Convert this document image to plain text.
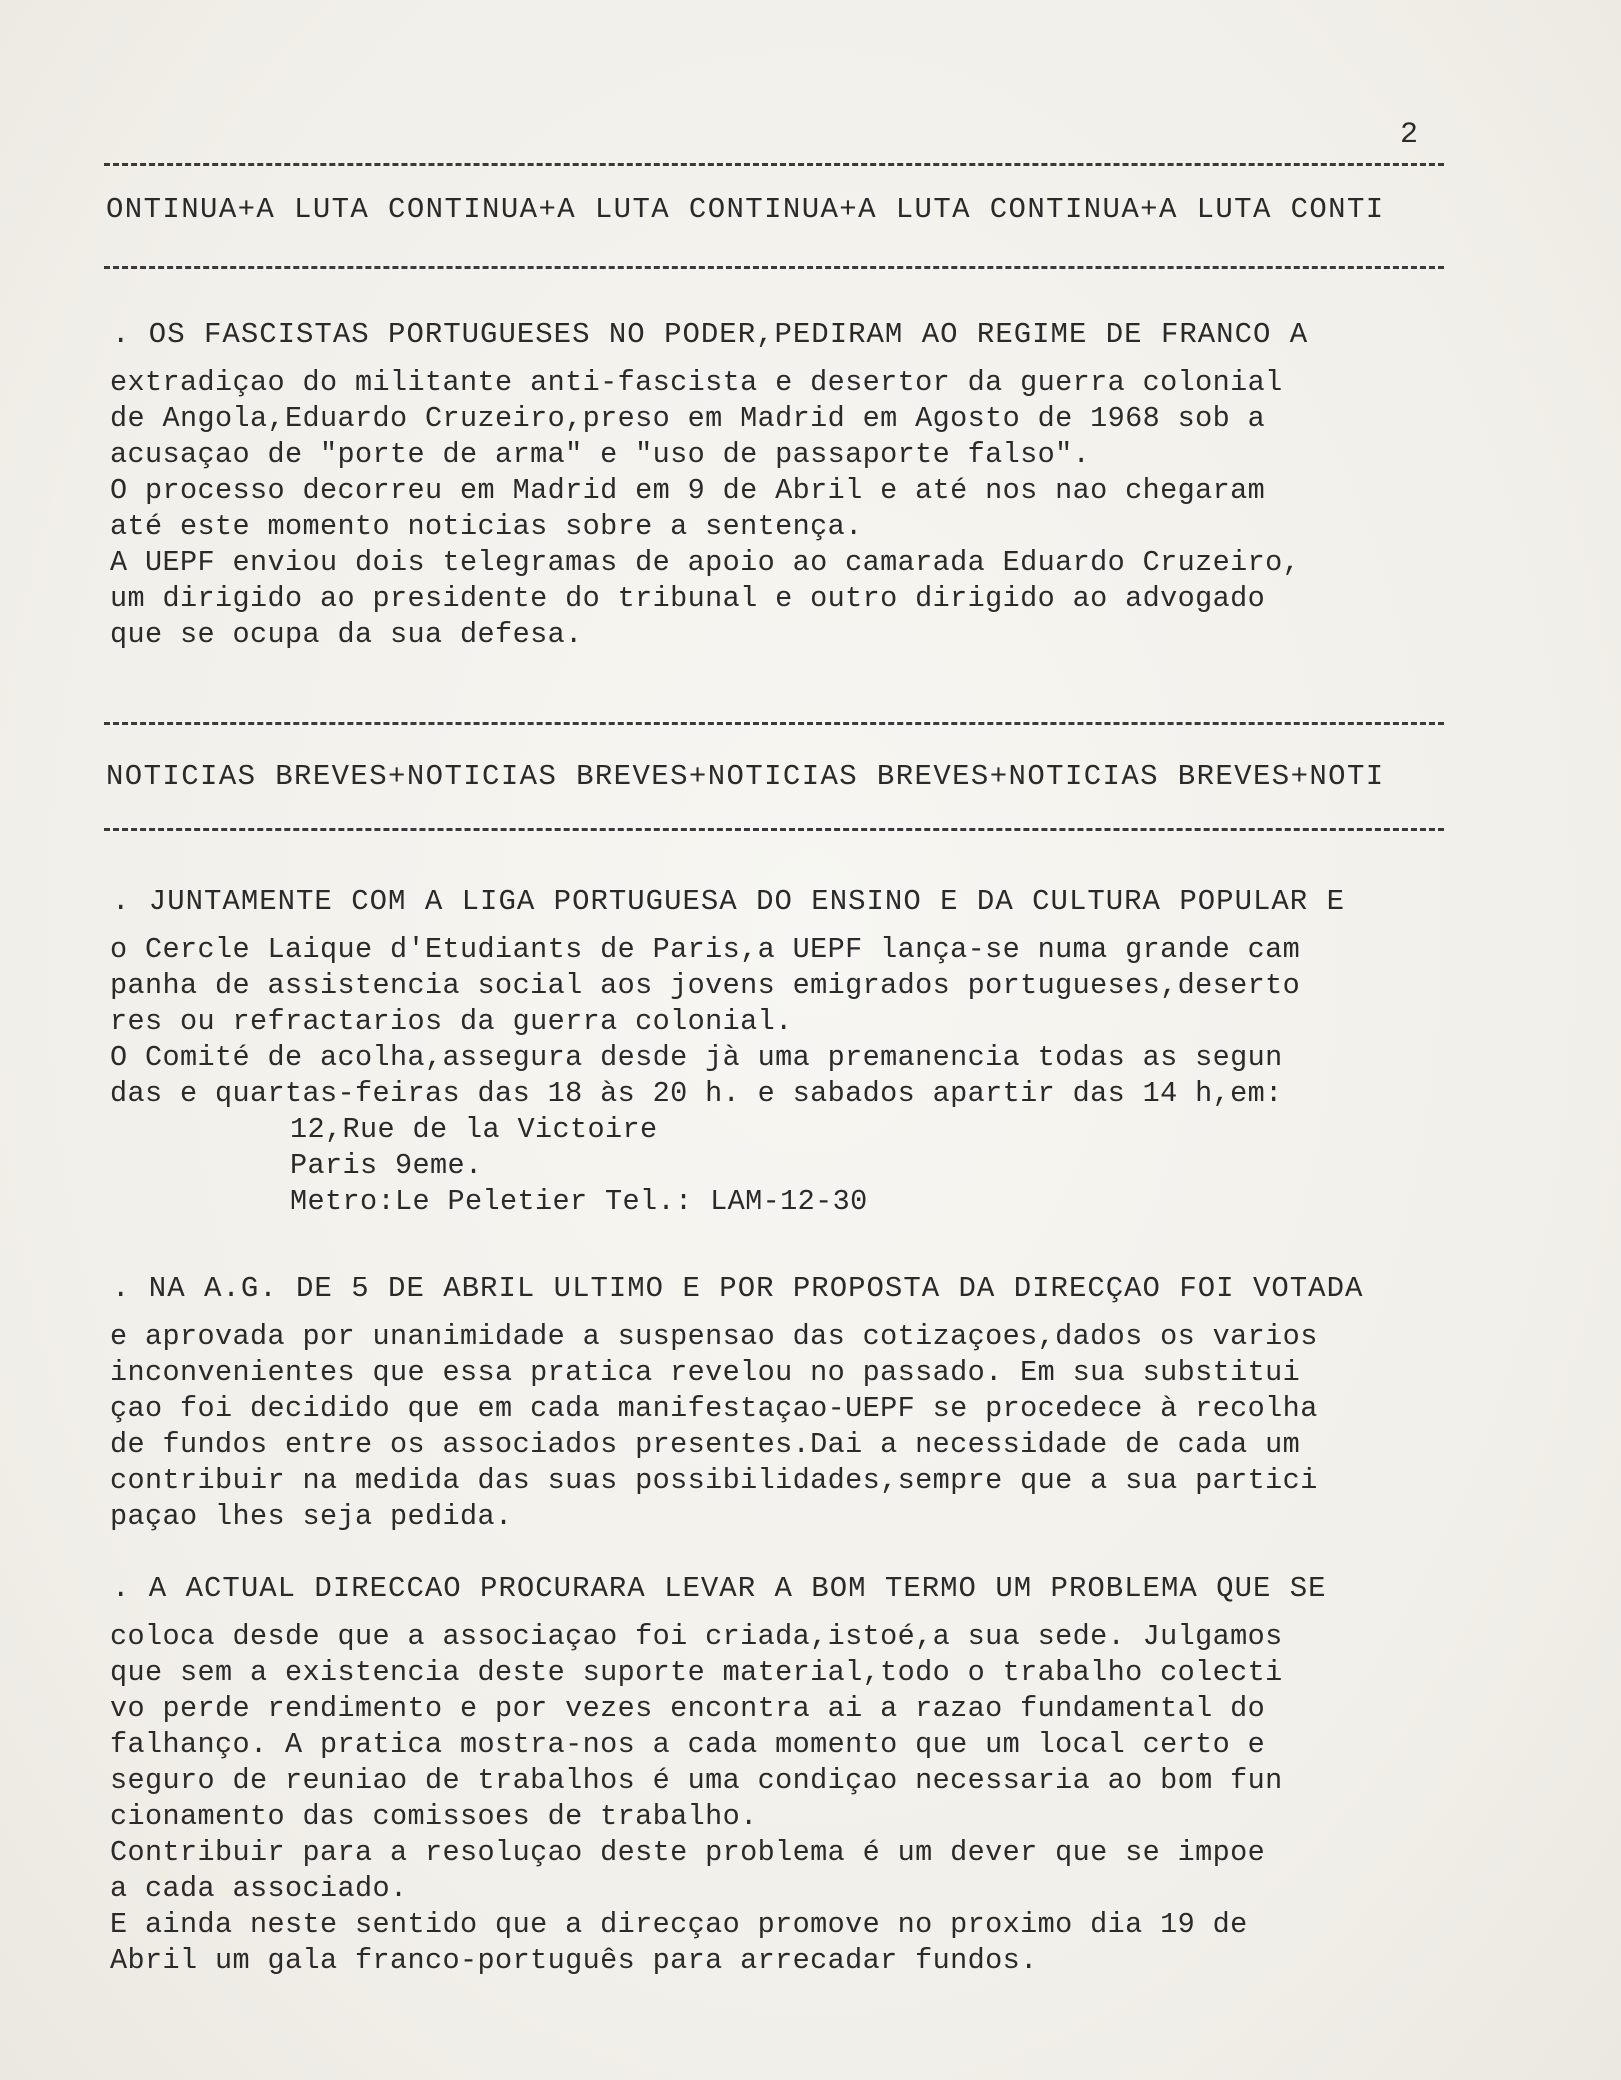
2
ONTINUA+A LUTA CONTINUA+A LUTA CONTINUA+A LUTA CONTINUA+A LUTA CONTI
. OS FASCISTAS PORTUGUESES NO PODER,PEDIRAM AO REGIME DE FRANCO A
extradiçao do militante anti-fascista e desertor da guerra colonial
de Angola,Eduardo Cruzeiro,preso em Madrid em Agosto de 1968 sob a
acusaçao de "porte de arma" e "uso de passaporte falso".
O processo decorreu em Madrid em 9 de Abril e até nos nao chegaram
até este momento noticias sobre a sentença.
A UEPF enviou dois telegramas de apoio ao camarada Eduardo Cruzeiro,
um dirigido ao presidente do tribunal e outro dirigido ao advogado
que se ocupa da sua defesa.
NOTICIAS BREVES+NOTICIAS BREVES+NOTICIAS BREVES+NOTICIAS BREVES+NOTI
. JUNTAMENTE COM A LIGA PORTUGUESA DO ENSINO E DA CULTURA POPULAR E
o Cercle Laique d'Etudiants de Paris,a UEPF lança-se numa grande cam
panha de assistencia social aos jovens emigrados portugueses,deserto
res ou refractarios da guerra colonial.
O Comité de acolha,assegura desde jà uma premanencia todas as segun
das e quartas-feiras das 18 às 20 h. e sabados apartir das 14 h,em:
12,Rue de la Victoire
Paris 9eme.
Metro:Le Peletier Tel.: LAM-12-30
. NA A.G. DE 5 DE ABRIL ULTIMO E POR PROPOSTA DA DIRECÇAO FOI VOTADA
e aprovada por unanimidade a suspensao das cotizaçoes,dados os varios
inconvenientes que essa pratica revelou no passado. Em sua substitui
çao foi decidido que em cada manifestaçao-UEPF se procedece à recolha
de fundos entre os associados presentes.Dai a necessidade de cada um
contribuir na medida das suas possibilidades,sempre que a sua partici
paçao lhes seja pedida.
. A ACTUAL DIRECCAO PROCURARA LEVAR A BOM TERMO UM PROBLEMA QUE SE
coloca desde que a associaçao foi criada,istoé,a sua sede. Julgamos
que sem a existencia deste suporte material,todo o trabalho colecti
vo perde rendimento e por vezes encontra ai a razao fundamental do
falhanço. A pratica mostra-nos a cada momento que um local certo e
seguro de reuniao de trabalhos é uma condiçao necessaria ao bom fun
cionamento das comissoes de trabalho.
Contribuir para a resoluçao deste problema é um dever que se impoe
a cada associado.
E ainda neste sentido que a direcçao promove no proximo dia 19 de
Abril um gala franco-português para arrecadar fundos.
